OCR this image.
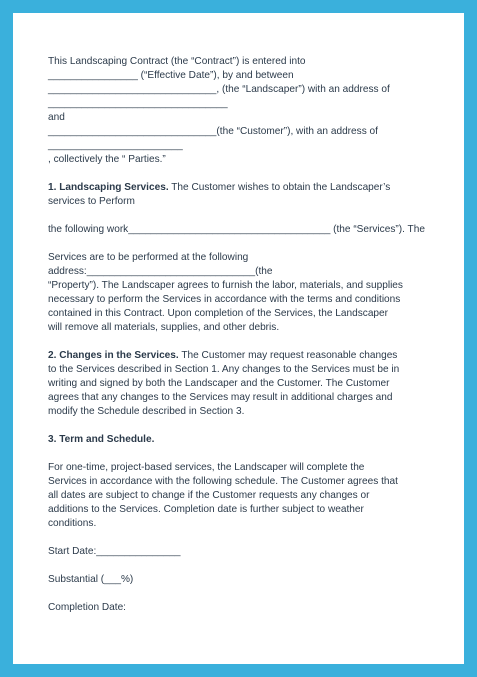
This Landscaping Contract (the “Contract”) is entered into
________________ (“Effective Date”), by and between
______________________________, (the “Landscaper”) with an address of
________________________________
and
______________________________(the “Customer”), with an address of
________________________
, collectively the “ Parties.”
1. Landscaping Services. The Customer wishes to obtain the Landscaper’s
services to Perform
the following work____________________________________ (the “Services”). The
Services are to be performed at the following
address:______________________________(the
“Property”). The Landscaper agrees to furnish the labor, materials, and supplies
necessary to perform the Services in accordance with the terms and conditions
contained in this Contract. Upon completion of the Services, the Landscaper
will remove all materials, supplies, and other debris.
2. Changes in the Services. The Customer may request reasonable changes
to the Services described in Section 1. Any changes to the Services must be in
writing and signed by both the Landscaper and the Customer. The Customer
agrees that any changes to the Services may result in additional charges and
modify the Schedule described in Section 3.
3. Term and Schedule.
For one-time, project-based services, the Landscaper will complete the
Services in accordance with the following schedule. The Customer agrees that
all dates are subject to change if the Customer requests any changes or
additions to the Services. Completion date is further subject to weather
conditions.
Start Date:_______________
Substantial (___%)
Completion Date:
